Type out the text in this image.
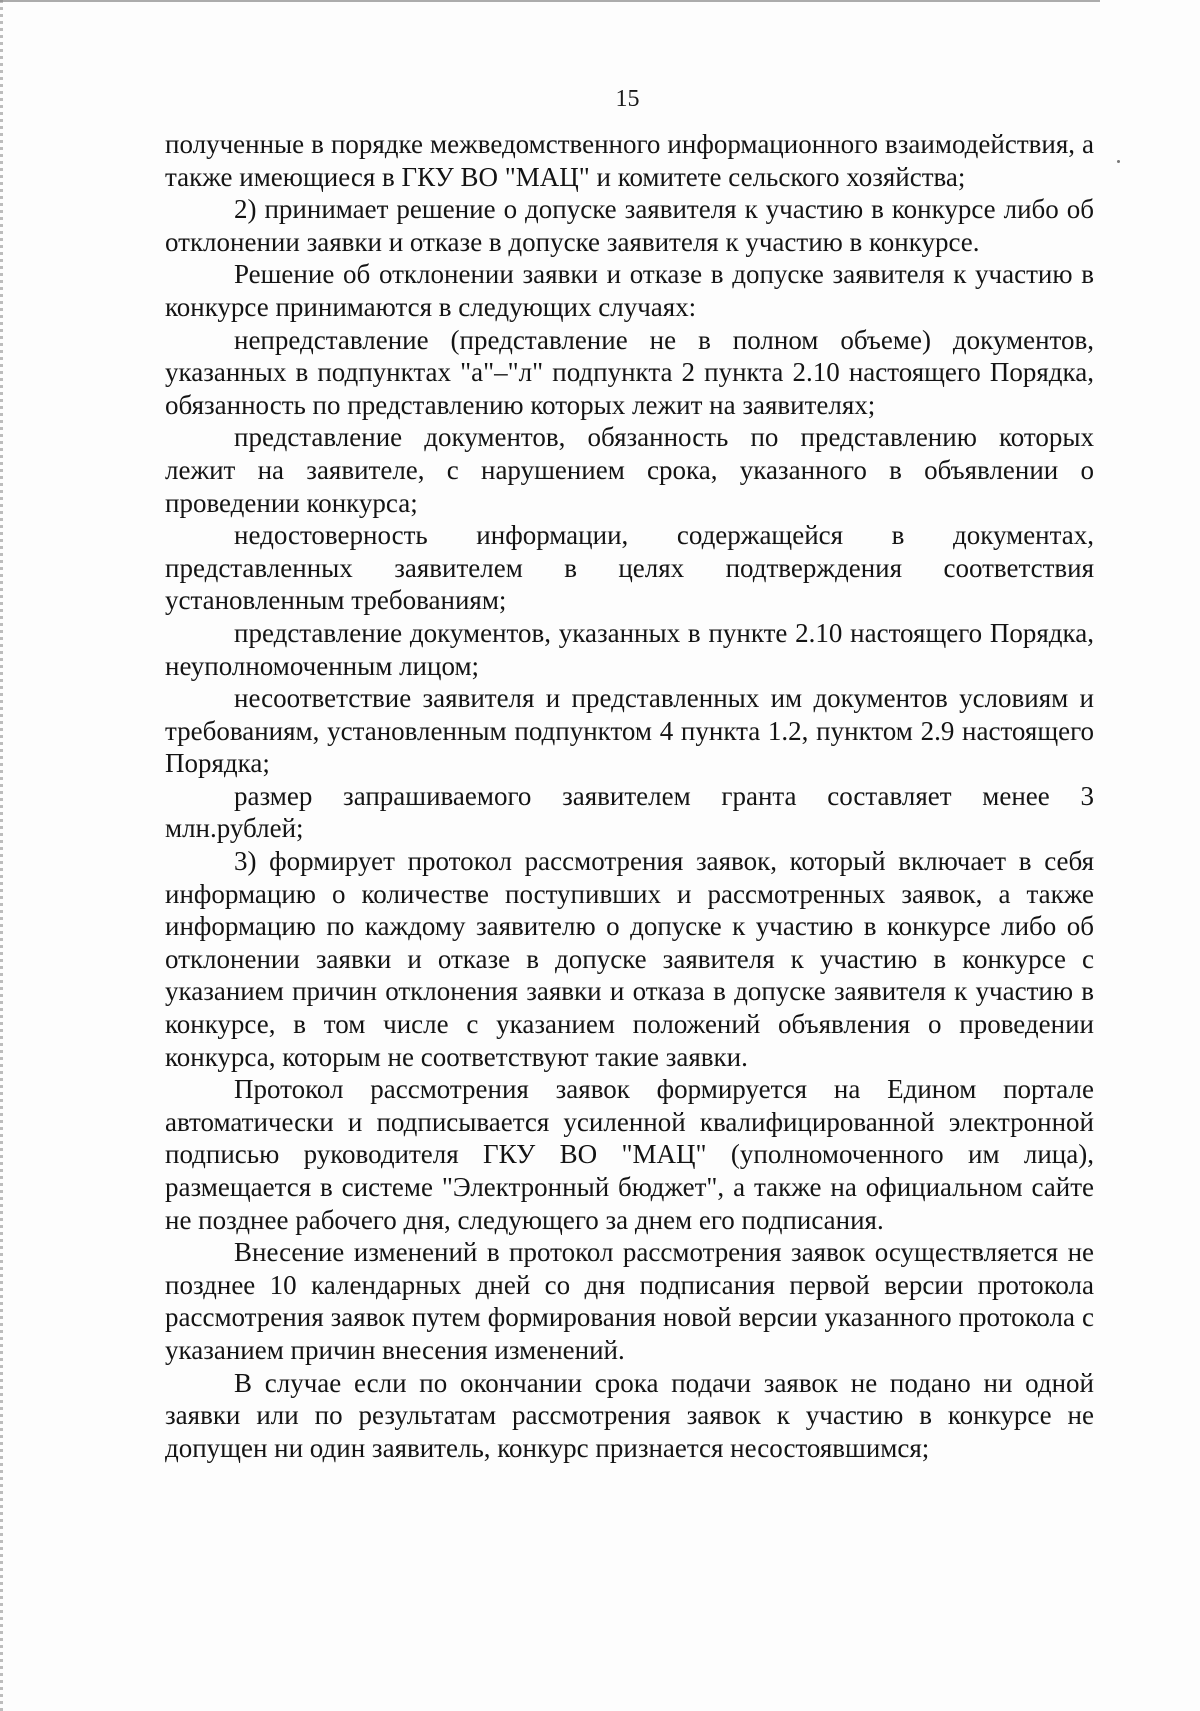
15

полученные в порядке межведомственного информационного взаимодействия, а также имеющиеся в ГКУ ВО "МАЦ" и комитете сельского хозяйства;

2) принимает решение о допуске заявителя к участию в конкурсе либо об отклонении заявки и отказе в допуске заявителя к участию в конкурсе.

Решение об отклонении заявки и отказе в допуске заявителя к участию в конкурсе принимаются в следующих случаях:

непредставление (представление не в полном объеме) документов, указанных в подпунктах "а"–"л" подпункта 2 пункта 2.10 настоящего Порядка, обязанность по представлению которых лежит на заявителях;

представление документов, обязанность по представлению которых лежит на заявителе, с нарушением срока, указанного в объявлении о проведении конкурса;

недостоверность информации, содержащейся в документах, представленных заявителем в целях подтверждения соответствия установленным требованиям;

представление документов, указанных в пункте 2.10 настоящего Порядка, неуполномоченным лицом;

несоответствие заявителя и представленных им документов условиям и требованиям, установленным подпунктом 4 пункта 1.2, пунктом 2.9 настоящего Порядка;

размер запрашиваемого заявителем гранта составляет менее 3 млн.рублей;

3) формирует протокол рассмотрения заявок, который включает в себя информацию о количестве поступивших и рассмотренных заявок, а также информацию по каждому заявителю о допуске к участию в конкурсе либо об отклонении заявки и отказе в допуске заявителя к участию в конкурсе с указанием причин отклонения заявки и отказа в допуске заявителя к участию в конкурсе, в том числе с указанием положений объявления о проведении конкурса, которым не соответствуют такие заявки.

Протокол рассмотрения заявок формируется на Едином портале автоматически и подписывается усиленной квалифицированной электронной подписью руководителя ГКУ ВО "МАЦ" (уполномоченного им лица), размещается в системе "Электронный бюджет", а также на официальном сайте не позднее рабочего дня, следующего за днем его подписания.

Внесение изменений в протокол рассмотрения заявок осуществляется не позднее 10 календарных дней со дня подписания первой версии протокола рассмотрения заявок путем формирования новой версии указанного протокола с указанием причин внесения изменений.

В случае если по окончании срока подачи заявок не подано ни одной заявки или по результатам рассмотрения заявок к участию в конкурсе не допущен ни один заявитель, конкурс признается несостоявшимся;
